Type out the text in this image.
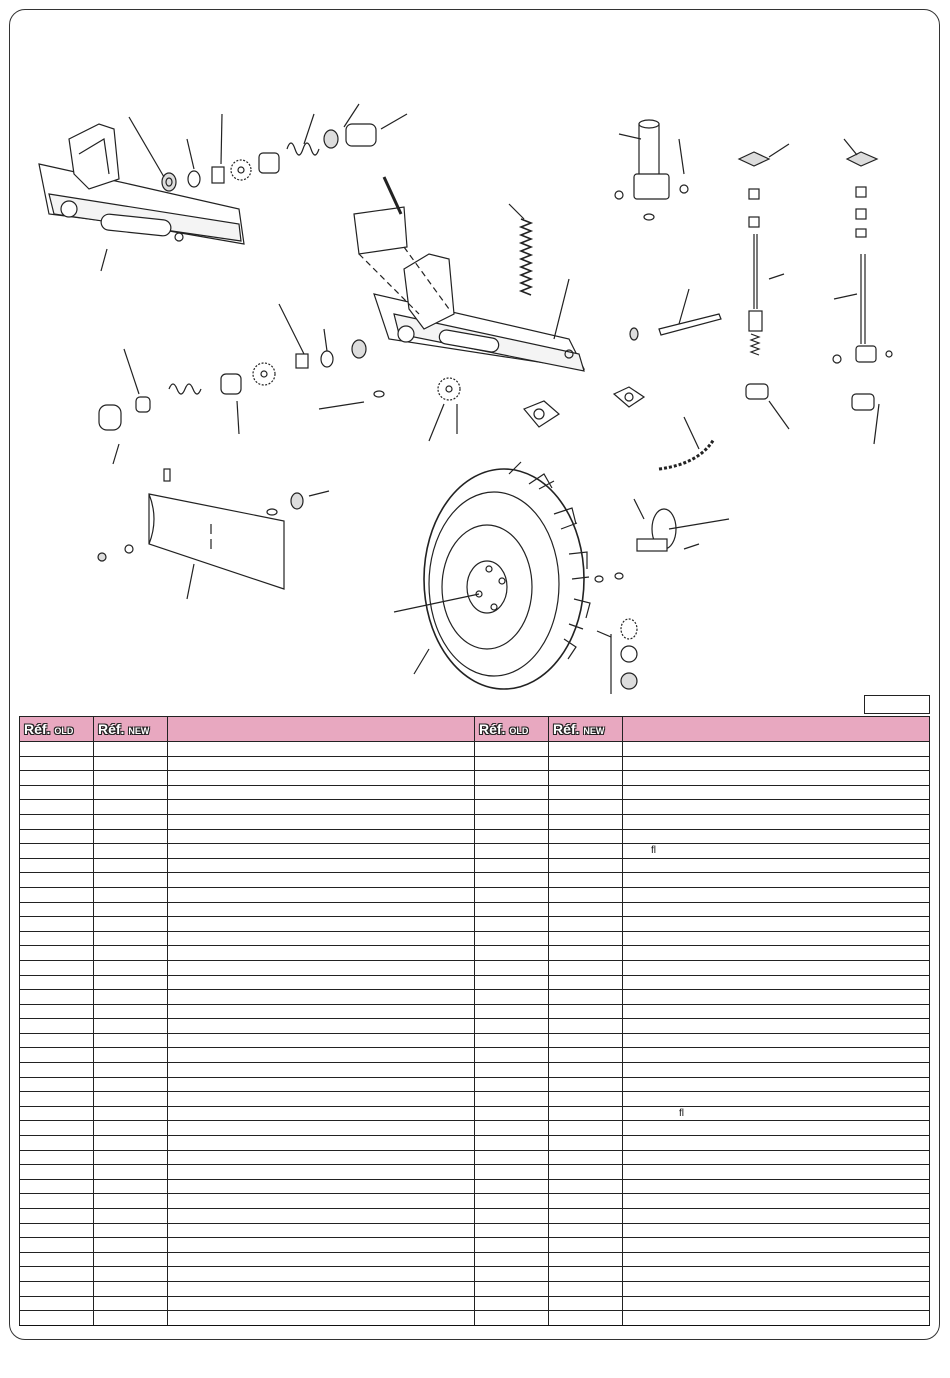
Réf. OLD	Réf. NEW		Réf. OLD	Réf. NEW	

					fl

					fl
